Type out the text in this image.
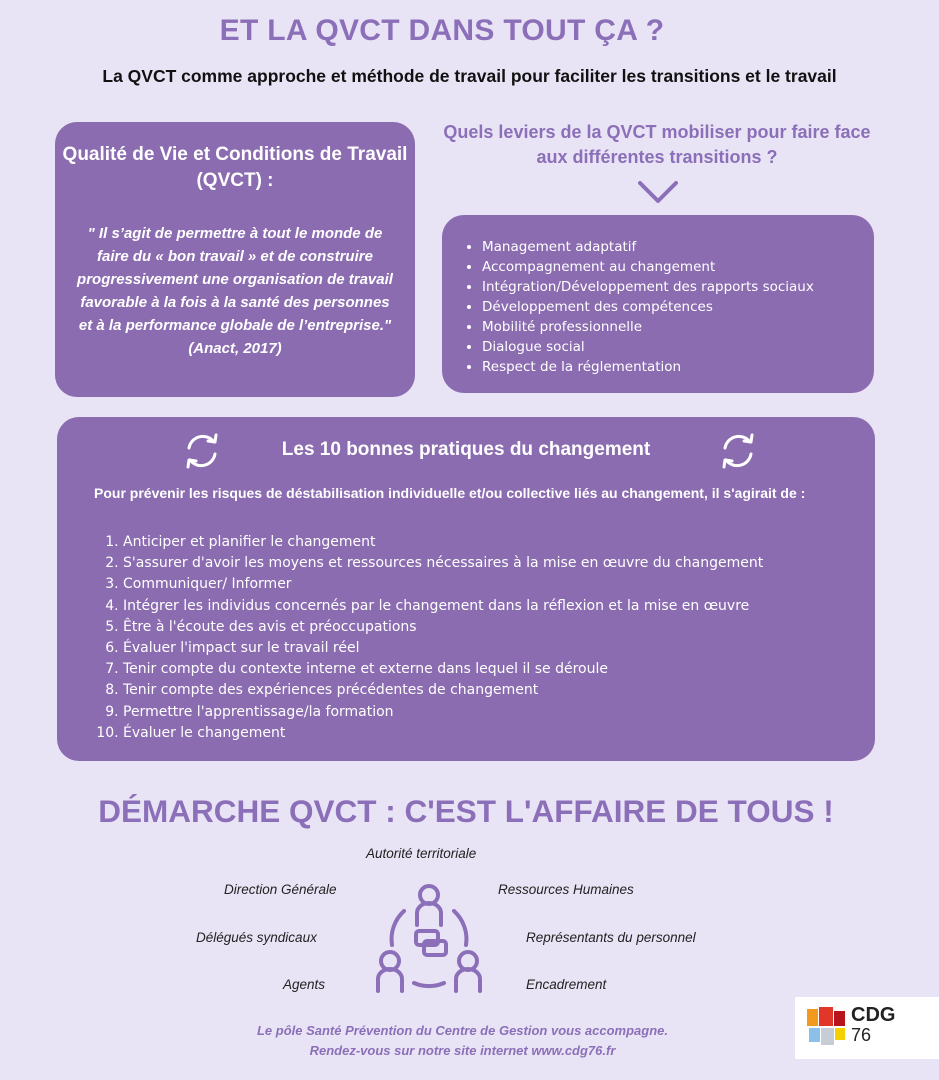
ET LA QVCT DANS TOUT ÇA ?
La QVCT comme approche et méthode de travail pour faciliter les transitions et le travail
Qualité de Vie et Conditions de Travail (QVCT) :
" Il s’agit de permettre à tout le monde de faire du « bon travail » et de construire progressivement une organisation de travail favorable à la fois à la santé des personnes et à la performance globale de l’entreprise."
(Anact, 2017)
Quels leviers de la QVCT mobiliser pour faire face aux différentes transitions ?
• Management adaptatif
• Accompagnement au changement
• Intégration/Développement des rapports sociaux
• Développement des compétences
• Mobilité professionnelle
• Dialogue social
• Respect de la réglementation
Les 10 bonnes pratiques du changement
Pour prévenir les risques de déstabilisation individuelle et/ou collective liés au changement, il s'agirait de :
1. Anticiper et planifier le changement
2. S'assurer d'avoir les moyens et ressources nécessaires à la mise en œuvre du changement
3. Communiquer/ Informer
4. Intégrer les individus concernés par le changement dans la réflexion et la mise en œuvre
5. Être à l'écoute des avis et préoccupations
6. Évaluer l'impact sur le travail réel
7. Tenir compte du contexte interne et externe dans lequel il se déroule
8. Tenir compte des expériences précédentes de changement
9. Permettre l'apprentissage/la formation
10. Évaluer le changement
DÉMARCHE QVCT : C'EST L'AFFAIRE DE TOUS !
Autorité territoriale
Direction Générale	Ressources Humaines
Délégués syndicaux	Représentants du personnel
Agents	Encadrement
Le pôle Santé Prévention du Centre de Gestion vous accompagne.
Rendez-vous sur notre site internet www.cdg76.fr
CDG
76
